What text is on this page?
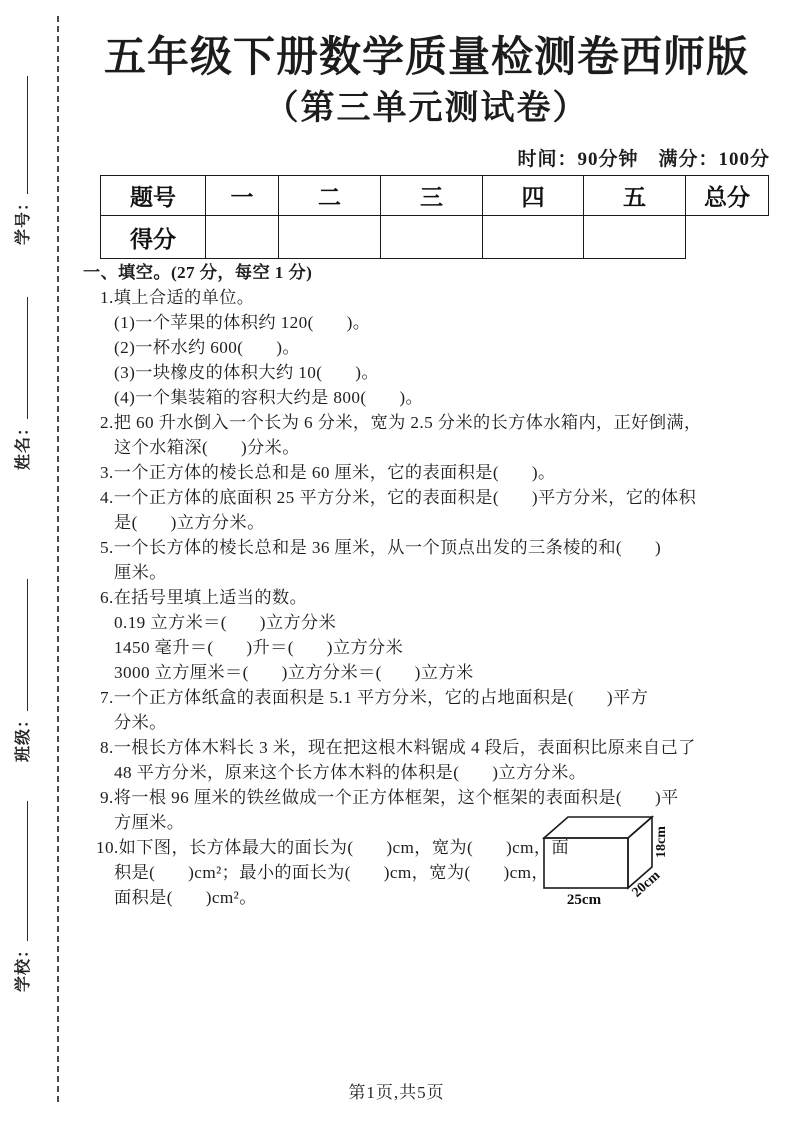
学号：
姓名：
班级：
学校：
五年级下册数学质量检测卷西师版
（第三单元测试卷）
时间：90分钟　满分：100分
题号	一	二	三	四	五	总分
得分						
一、填空。(27 分，每空 1 分)
1.填上合适的单位。
(1)一个苹果的体积约 120(       )。
(2)一杯水约 600(       )。
(3)一块橡皮的体积大约 10(       )。
(4)一个集装箱的容积大约是 800(       )。
2.把 60 升水倒入一个长为 6 分米，宽为 2.5 分米的长方体水箱内，正好倒满，
这个水箱深(       )分米。
3.一个正方体的棱长总和是 60 厘米，它的表面积是(       )。
4.一个正方体的底面积 25 平方分米，它的表面积是(       )平方分米，它的体积
是(       )立方分米。
5.一个长方体的棱长总和是 36 厘米，从一个顶点出发的三条棱的和(       )
厘米。
6.在括号里填上适当的数。
0.19 立方米＝(       )立方分米
1450 毫升＝(       )升＝(       )立方分米
3000 立方厘米＝(       )立方分米＝(       )立方米
7.一个正方体纸盒的表面积是 5.1 平方分米，它的占地面积是(       )平方
分米。
8.一根长方体木料长 3 米，现在把这根木料锯成 4 段后，表面积比原来自己了
48 平方分米，原来这个长方体木料的体积是(       )立方分米。
9.将一根 96 厘米的铁丝做成一个正方体框架，这个框架的表面积是(       )平
方厘米。
10.如下图，长方体最大的面长为(       )cm，宽为(       )cm，面
积是(       )cm²；最小的面长为(       )cm，宽为(       )cm，
面积是(       )cm²。	25cm 20cm
18cm
第1页,共5页
